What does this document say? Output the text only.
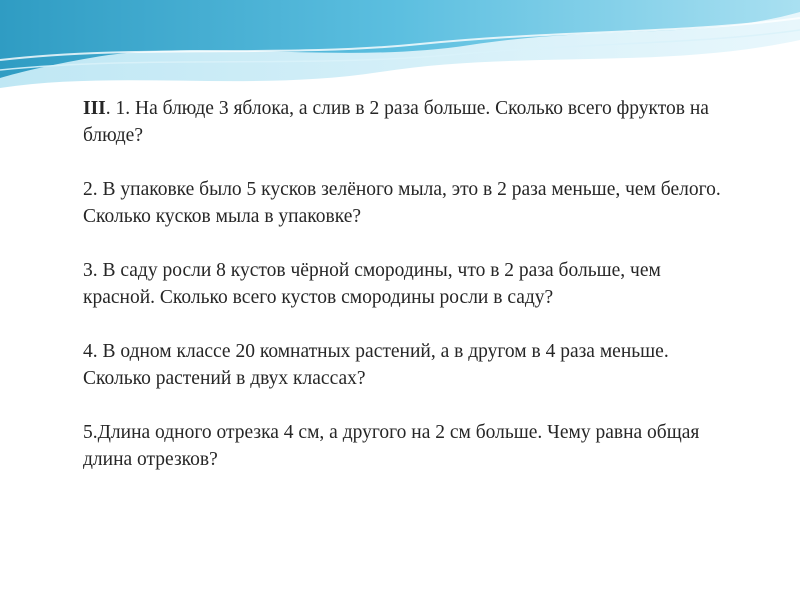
III. 1. На блюде 3 яблока, а слив в 2 раза больше. Сколько всего фруктов на блюде?

2. В упаковке было 5 кусков зелёного мыла, это в 2 раза меньше, чем белого. Сколько кусков мыла в упаковке?

3. В саду росли 8 кустов чёрной смородины, что в 2 раза больше, чем красной. Сколько всего кустов смородины росли в саду?

4. В одном классе 20 комнатных растений, а в другом в 4 раза меньше. Сколько растений в двух классах?

5.Длина одного отрезка 4 см, а другого на 2 см больше. Чему равна общая длина отрезков?
